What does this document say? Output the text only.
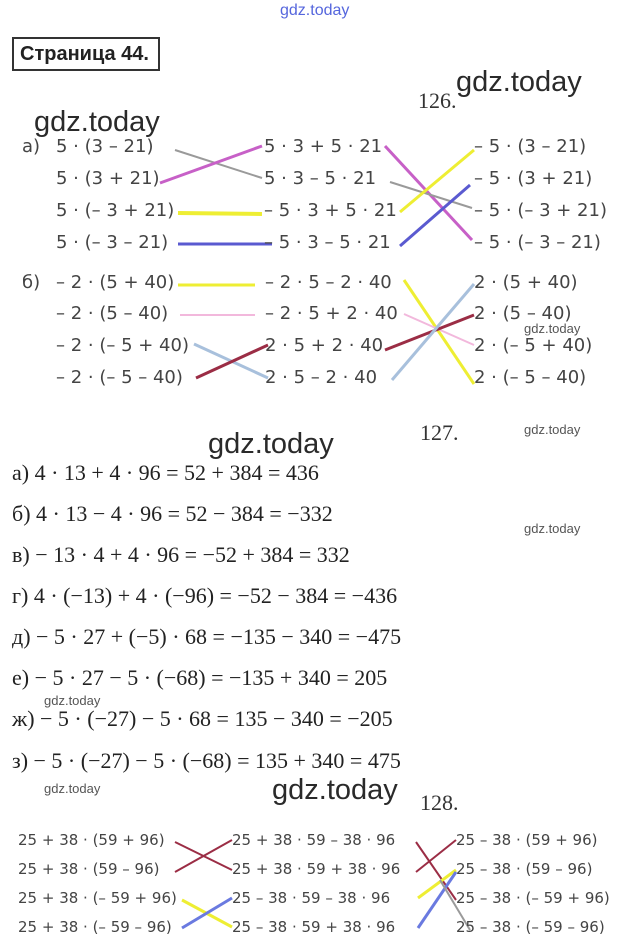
gdz.today
gdz.today
gdz.today
gdz.today
gdz.today	gdz.today
gdz.today
gdz.today
gdz.today	gdz.today
Страница 44.
126.
а)
б)
5 · (3 – 21)
5 · (3 + 21)
5 · (– 3 + 21)
5 · (– 3 – 21)
5 · 3 + 5 · 21
5 · 3 – 5 · 21
– 5 · 3 + 5 · 21
– 5 · 3 – 5 · 21
– 5 · (3 – 21)
– 5 · (3 + 21)
– 5 · (– 3 + 21)
– 5 · (– 3 – 21)
– 2 · (5 + 40)
– 2 · (5 – 40)
– 2 · (– 5 + 40)
– 2 · (– 5 – 40)
– 2 · 5 – 2 · 40
– 2 · 5 + 2 · 40
2 · 5 + 2 · 40
2 · 5 – 2 · 40
2 · (5 + 40)
2 · (5 – 40)
2 · (– 5 + 40)
2 · (– 5 – 40)
127.
а) 4 · 13 + 4 · 96 = 52 + 384 = 436
б) 4 · 13 − 4 · 96 = 52 − 384 = −332
в) − 13 · 4 + 4 · 96 = −52 + 384 = 332
г) 4 · (−13) + 4 · (−96) = −52 − 384 = −436
д) − 5 · 27 + (−5) · 68 = −135 − 340 = −475
е) − 5 · 27 − 5 · (−68) = −135 + 340 = 205
ж) − 5 · (−27) − 5 · 68 = 135 − 340 = −205
з) − 5 · (−27) − 5 · (−68) = 135 + 340 = 475
128.
25 + 38 · (59 + 96)
25 + 38 · (59 – 96)
25 + 38 · (– 59 + 96)
25 + 38 · (– 59 – 96)
25 + 38 · 59 – 38 · 96
25 + 38 · 59 + 38 · 96
25 – 38 · 59 – 38 · 96
25 – 38 · 59 + 38 · 96
25 – 38 · (59 + 96)
25 – 38 · (59 – 96)
25 – 38 · (– 59 + 96)
25 – 38 · (– 59 – 96)
